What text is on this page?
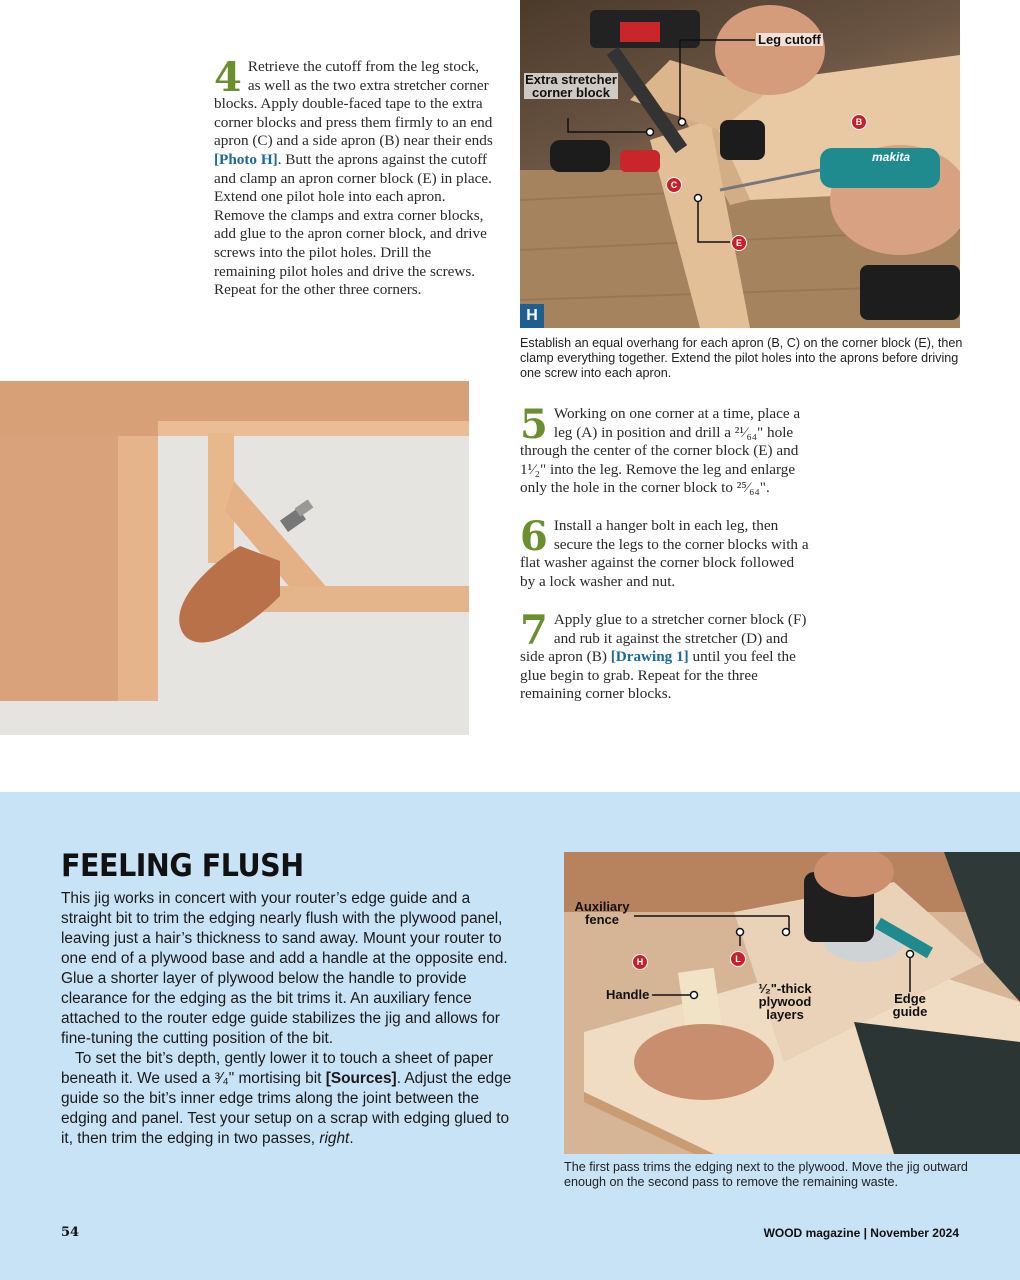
4 Retrieve the cutoff from the leg stock, as well as the two extra stretcher corner blocks. Apply double-faced tape to the extra corner blocks and press them firmly to an end apron (C) and a side apron (B) near their ends [Photo H]. Butt the aprons against the cutoff and clamp an apron corner block (E) in place. Extend one pilot hole into each apron. Remove the clamps and extra corner blocks, add glue to the apron corner block, and drive screws into the pilot holes. Drill the remaining pilot holes and drive the screws. Repeat for the other three corners.
Leg cutoff
Extra stretcher corner block
B
C
E
makita
H
Establish an equal overhang for each apron (B, C) on the corner block (E), then clamp everything together. Extend the pilot holes into the aprons before driving one screw into each apron.
5 Working on one corner at a time, place a leg (A) in position and drill a ²¹⁄₆₄" hole through the center of the corner block (E) and 1¹⁄₂" into the leg. Remove the leg and enlarge only the hole in the corner block to ²⁵⁄₆₄".
6 Install a hanger bolt in each leg, then secure the legs to the corner blocks with a flat washer against the corner block followed by a lock washer and nut.
7 Apply glue to a stretcher corner block (F) and rub it against the stretcher (D) and side apron (B) [Drawing 1] until you feel the glue begin to grab. Repeat for the three remaining corner blocks.
FEELING FLUSH
This jig works in concert with your router’s edge guide and a straight bit to trim the edging nearly flush with the plywood panel, leaving just a hair’s thickness to sand away. Mount your router to one end of a plywood base and add a handle at the opposite end. Glue a shorter layer of plywood below the handle to provide clearance for the edging as the bit trims it. An auxiliary fence attached to the router edge guide stabilizes the jig and allows for fine-tuning the cutting position of the bit.
To set the bit’s depth, gently lower it to touch a sheet of paper beneath it. We used a ³⁄₄" mortising bit [Sources]. Adjust the edge guide so the bit’s inner edge trims along the joint between the edging and panel. Test your setup on a scrap with edging glued to it, then trim the edging in two passes, right.
Auxiliary fence
Handle	¹⁄₂"-thick plywood layers
Edge guide
H	L
The first pass trims the edging next to the plywood. Move the jig outward enough on the second pass to remove the remaining waste.
54	WOOD magazine | November 2024
